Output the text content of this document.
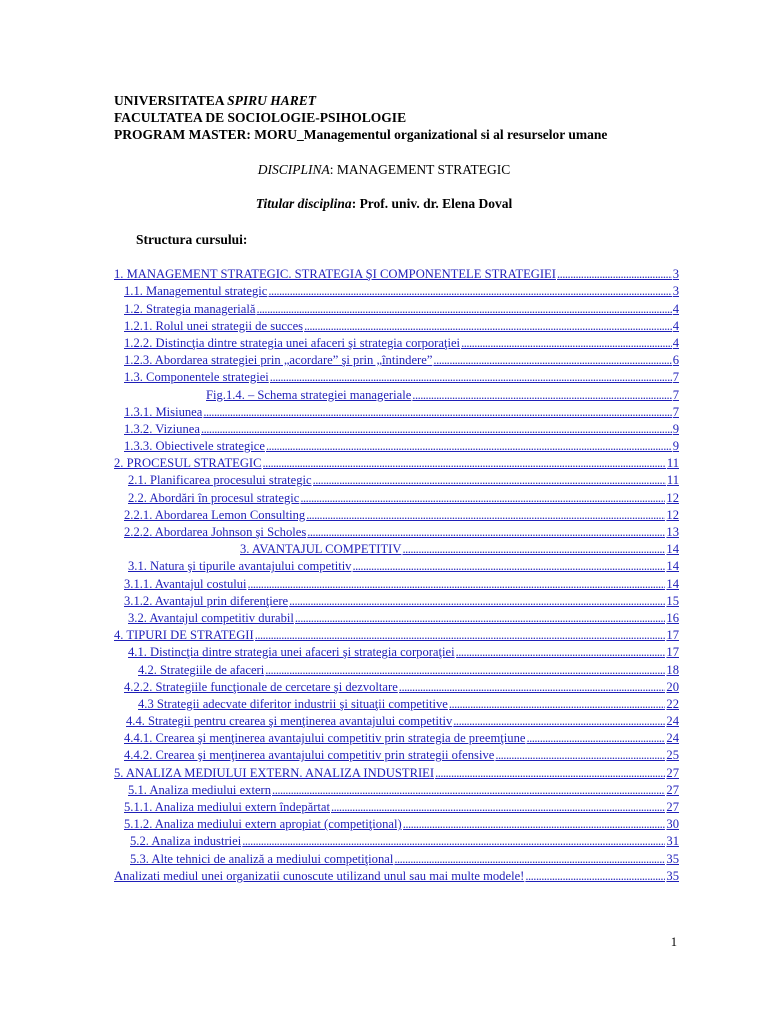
UNIVERSITATEA SPIRU HARET
FACULTATEA DE SOCIOLOGIE-PSIHOLOGIE
PROGRAM MASTER: MORU_Managementul organizational si al resurselor umane
DISCIPLINA: MANAGEMENT STRATEGIC
Titular disciplina: Prof. univ. dr. Elena Doval
Structura cursului:
1. MANAGEMENT STRATEGIC. STRATEGIA ŞI COMPONENTELE STRATEGIEI .....	3
1.1. Managementul strategic .....	3
1.2. Strategia managerială .....	4
1.2.1. Rolul unei strategii de succes .....	4
1.2.2. Distincţia dintre strategia unei afaceri şi strategia corporaţiei .....	4
1.2.3. Abordarea strategiei prin „acordare” şi prin „întindere” .....	6
1.3. Componentele strategiei .....	7
Fig.1.4. – Schema strategiei manageriale .....	7
1.3.1. Misiunea .....	7
1.3.2. Viziunea .....	9
1.3.3. Obiectivele strategice .....	9
2. PROCESUL STRATEGIC .....	11
2.1. Planificarea procesului strategic .....	11
2.2. Abordări în procesul strategic .....	12
2.2.1. Abordarea Lemon Consulting .....	12
2.2.2. Abordarea Johnson şi Scholes .....	13
3. AVANTAJUL COMPETITIV .....	14
3.1. Natura şi tipurile avantajului competitiv .....	14
3.1.1. Avantajul costului .....	14
3.1.2. Avantajul prin diferenţiere .....	15
3.2. Avantajul competitiv durabil .....	16
4. TIPURI DE STRATEGII .....	17
4.1. Distincţia dintre strategia unei afaceri şi strategia corporaţiei .....	17
4.2. Strategiile de afaceri .....	18
4.2.2. Strategiile funcţionale de cercetare şi dezvoltare .....	20
4.3 Strategii adecvate diferitor industrii şi situaţii competitive .....	22
4.4. Strategii pentru crearea şi menţinerea avantajului competitiv .....	24
4.4.1. Crearea şi menţinerea avantajului competitiv prin strategia de preemţiune .....	24
4.4.2. Crearea şi menţinerea avantajului competitiv prin strategii ofensive .....	25
5. ANALIZA MEDIULUI EXTERN. ANALIZA INDUSTRIEI .....	27
5.1. Analiza mediului extern .....	27
5.1.1. Analiza mediului extern îndepărtat .....	27
5.1.2. Analiza mediului extern apropiat (competiţional) .....	30
5.2. Analiza industriei .....	31
5.3. Alte tehnici de analiză a mediului competiţional .....	35
Analizati mediul unei organizatii cunoscute utilizand unul sau mai multe modele! .....	35
1
